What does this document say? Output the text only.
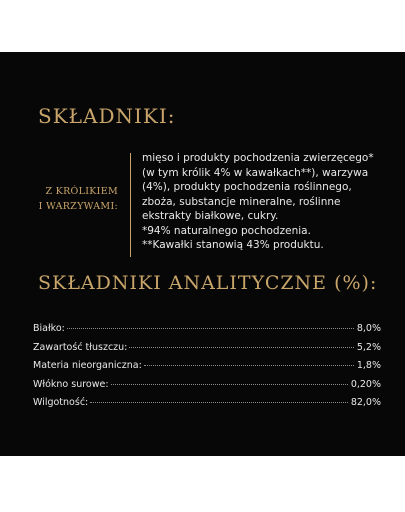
SKŁADNIKI:
Z KRÓLIKIEM
I WARZYWAMI:
mięso i produkty pochodzenia zwierzęcego*
(w tym królik 4% w kawałkach**), warzywa
(4%), produkty pochodzenia roślinnego,
zboża, substancje mineralne, roślinne
ekstrakty białkowe, cukry.
*94% naturalnego pochodzenia.
**Kawałki stanowią 43% produktu.
SKŁADNIKI ANALITYCZNE (%):
Białko:	8,0%
Zawartość tłuszczu:	5,2%
Materia nieorganiczna:	1,8%
Włókno surowe:	0,20%
Wilgotność:	82,0%
